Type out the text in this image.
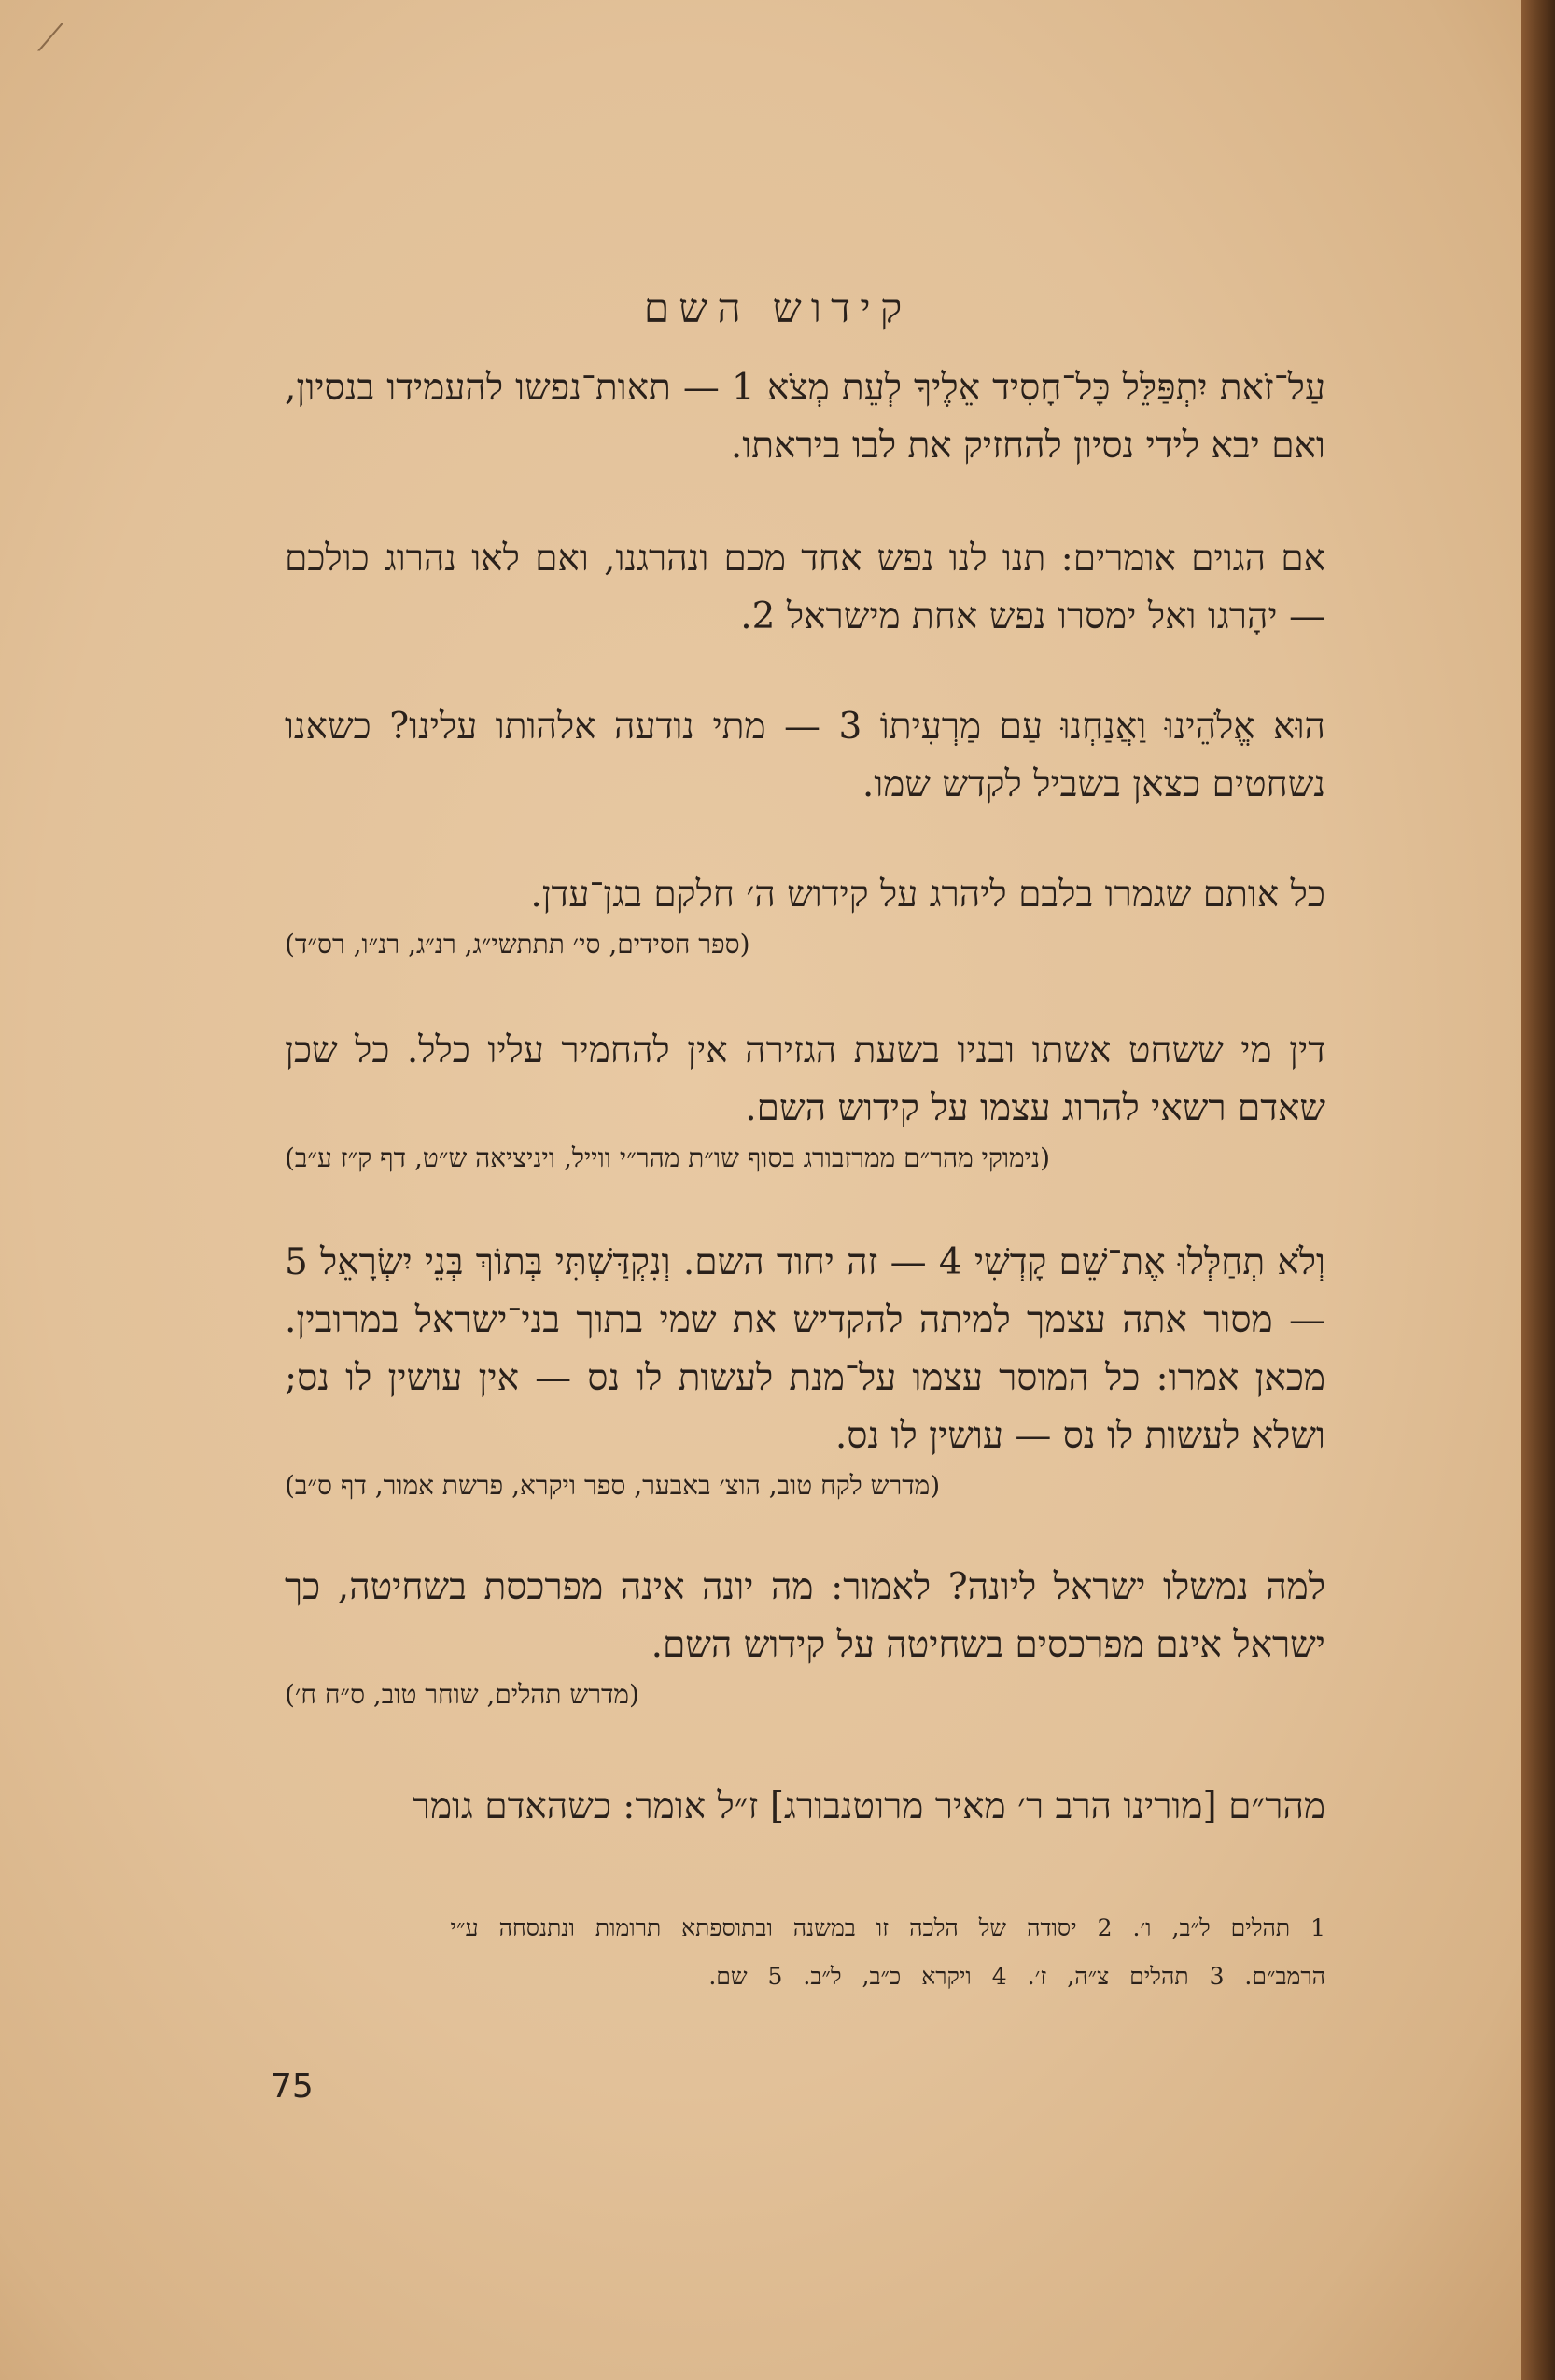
⟋
קידוש השם

עַל־זֹאת יִתְפַּלֵּל כָּל־חָסִיד אֵלֶיךָ לְעֵת מְצֹא 1 — תאות־נפשו להעמידו בנסיון, ואם יבא לידי נסיון להחזיק את לבו ביראתו.

אם הגוים אומרים: תנו לנו נפש אחד מכם ונהרגנו, ואם לאו נהרוג כולכם — יהָרגו ואל ימסרו נפש אחת מישראל 2.

הוּא אֱלֹהֵינוּ וַאֲנַחְנוּ עַם מַרְעִיתוֹ 3 — מתי נודעה אלהותו עלינו? כשאנו נשחטים כצאן בשביל לקדש שמו.

כל אותם שגמרו בלבם ליהרג על קידוש ה׳ חלקם בגן־עדן.

(ספר חסידים, סי׳ תתתשי״ג, רנ״ג, רנ״ו, רס״ד)

דין מי ששחט אשתו ובניו בשעת הגזירה אין להחמיר עליו כלל. כל שכן שאדם רשאי להרוג עצמו על קידוש השם.

(נימוקי מהר״ם ממרזבורג בסוף שו״ת מהר״י ווייל, ויניציאה ש״ט, דף ק״ז ע״ב)

וְלֹא תְחַלְּלוּ אֶת־שֵׁם קָדְשִׁי 4 — זה יחוד השם. וְנִקְדַּשְׁתִּי בְּתוֹךְ בְּנֵי יִשְׂרָאֵל 5 — מסור אתה עצמך למיתה להקדיש את שמי בתוך בני־ישראל במרובין. מכאן אמרו: כל המוסר עצמו על־מנת לעשות לו נס — אין עושין לו נס; ושלא לעשות לו נס — עושין לו נס.

(מדרש לקח טוב, הוצ׳ באבער, ספר ויקרא, פרשת אמור, דף ס״ב)

למה נמשלו ישראל ליונה? לאמור: מה יונה אינה מפרכסת בשחיטה, כך ישראל אינם מפרכסים בשחיטה על קידוש השם.

(מדרש תהלים, שוחר טוב, ס״ח ח׳)

מהר״ם [מורינו הרב ר׳ מאיר מרוטנבורג] ז״ל אומר: כשהאדם גומר

1 תהלים ל״ב, ו׳. 2 יסודה של הלכה זו במשנה ובתוספתא תרומות ונתנסחה ע״י

הרמב״ם. 3 תהלים צ״ה, ז׳. 4 ויקרא כ״ב, ל״ב. 5 שם.

75
